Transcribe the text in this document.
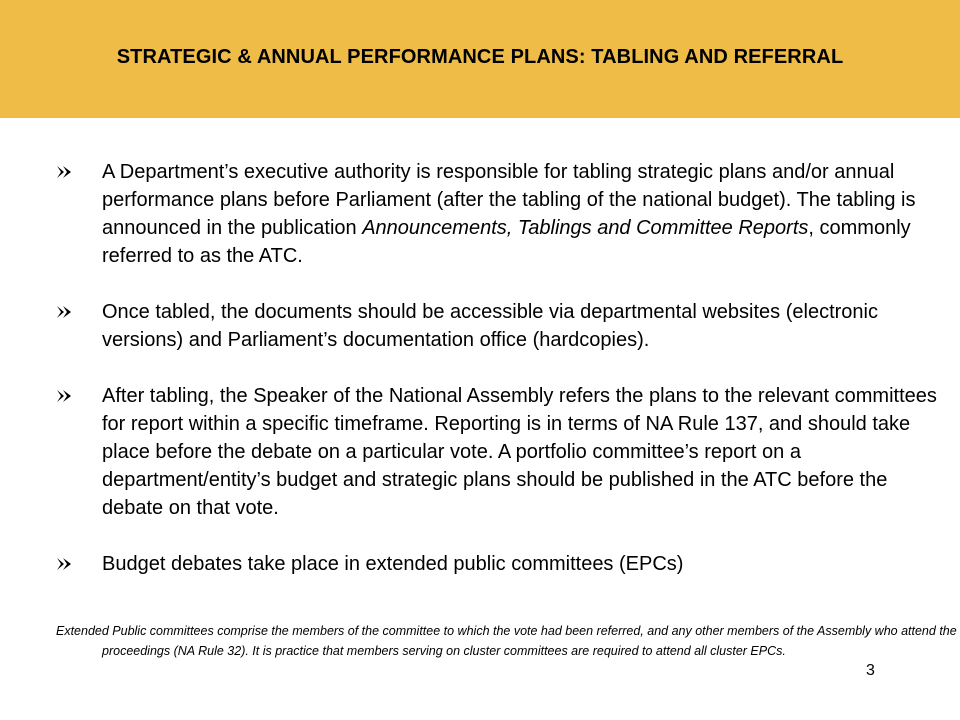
STRATEGIC & ANNUAL PERFORMANCE PLANS: TABLING AND REFERRAL
A Department’s executive authority is responsible for tabling strategic plans and/or annual performance plans before Parliament (after the tabling of the national budget). The tabling is announced in the publication Announcements, Tablings and Committee Reports, commonly referred to as the ATC.
Once tabled, the documents should be accessible via departmental websites (electronic versions) and Parliament’s documentation office (hardcopies).
After tabling, the Speaker of the National Assembly refers the plans to the relevant committees for report within a specific timeframe. Reporting is in terms of NA Rule 137, and should take place before the debate on a particular vote. A portfolio committee’s report on a department/entity’s budget and strategic plans should be published in the ATC before the debate on that vote.
Budget debates take place in extended public committees (EPCs)
Extended Public committees comprise the members of the committee to which the vote had been referred, and any other members of the Assembly who attend the proceedings (NA Rule 32). It is practice that members serving on cluster committees are required to attend all cluster EPCs.
3
